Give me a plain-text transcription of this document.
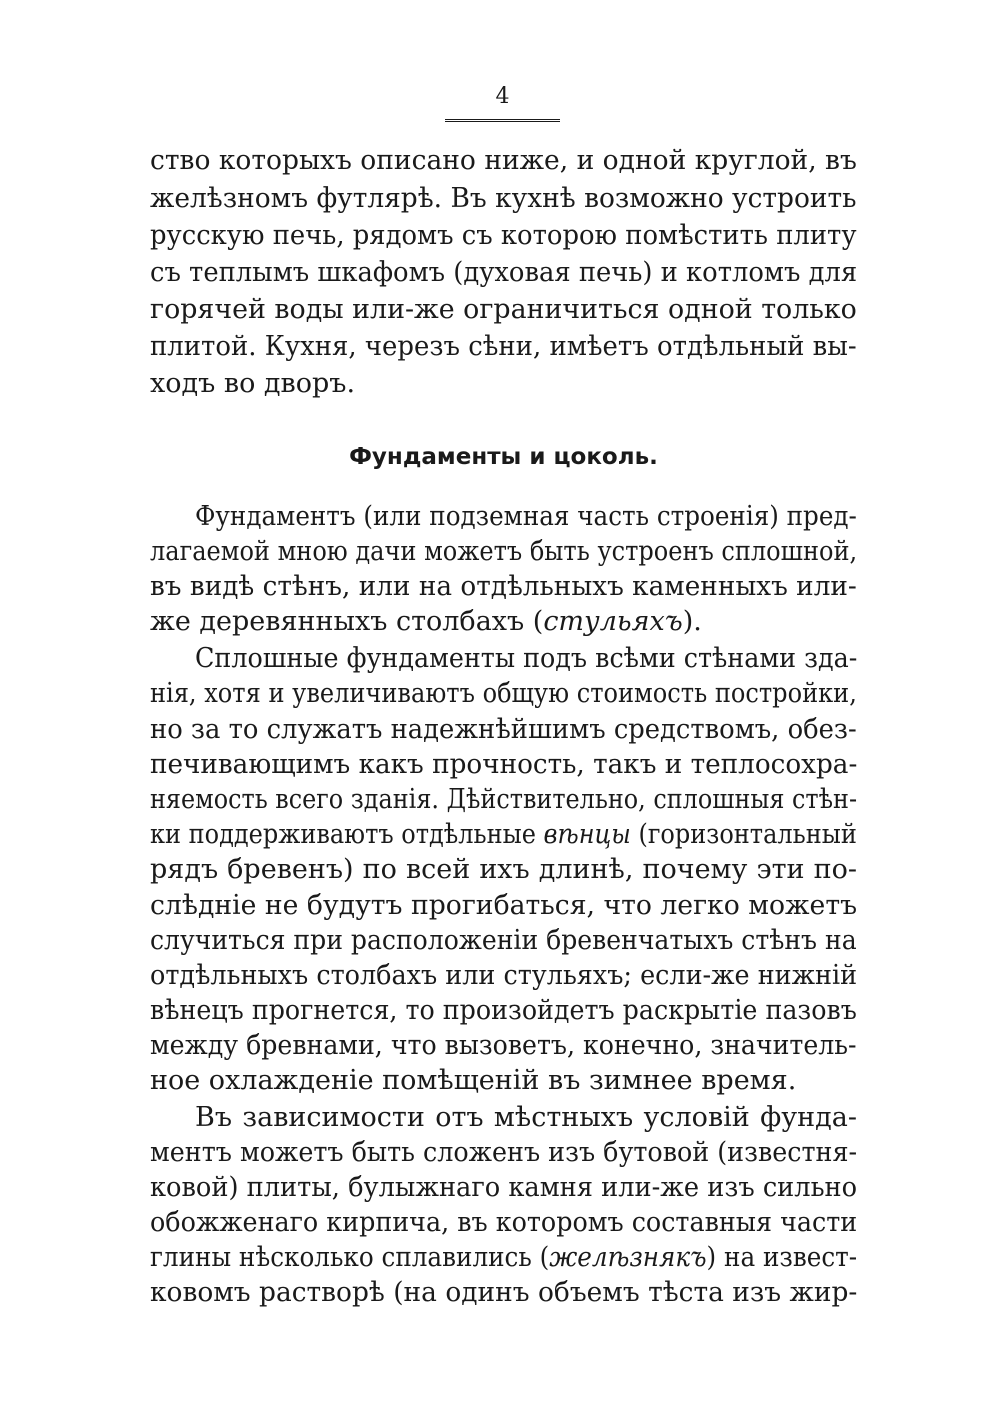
4

ство которыхъ описано ниже, и одной круглой, въ

желѣзномъ футлярѣ. Въ кухнѣ возможно устроить

русскую печь, рядомъ съ которою помѣстить плиту

съ теплымъ шкафомъ (духовая печь) и котломъ для

горячей воды или-же ограничиться одной только

плитой. Кухня, черезъ сѣни, имѣетъ отдѣльный вы-

ходъ во дворъ.

Фундаменты и цоколь.

Фундаментъ (или подземная часть строенія) пред-

лагаемой мною дачи можетъ быть устроенъ сплошной,

въ видѣ стѣнъ, или на отдѣльныхъ каменныхъ или-

же деревянныхъ столбахъ (стульяхъ).

Сплошные фундаменты подъ всѣми стѣнами зда-

нія, хотя и увеличиваютъ общую стоимость постройки,

но за то служатъ надежнѣйшимъ средствомъ, обез-

печивающимъ какъ прочность, такъ и теплосохра-

няемость всего зданія. Дѣйствительно, сплошныя стѣн-

ки поддерживаютъ отдѣльные вѣнцы (горизонтальный

рядъ бревенъ) по всей ихъ длинѣ, почему эти по-

слѣдніе не будутъ прогибаться, что легко можетъ

случиться при расположеніи бревенчатыхъ стѣнъ на

отдѣльныхъ столбахъ или стульяхъ; если-же нижній

вѣнецъ прогнется, то произойдетъ раскрытіе пазовъ

между бревнами, что вызоветъ, конечно, значитель-

ное охлажденіе помѣщеній въ зимнее время.

Въ зависимости отъ мѣстныхъ условій фунда-

ментъ можетъ быть сложенъ изъ бутовой (известня-

ковой) плиты, булыжнаго камня или-же изъ сильно

обожженаго кирпича, въ которомъ составныя части

глины нѣсколько сплавились (желѣзнякъ) на извест-

ковомъ растворѣ (на одинъ объемъ тѣста изъ жир-
